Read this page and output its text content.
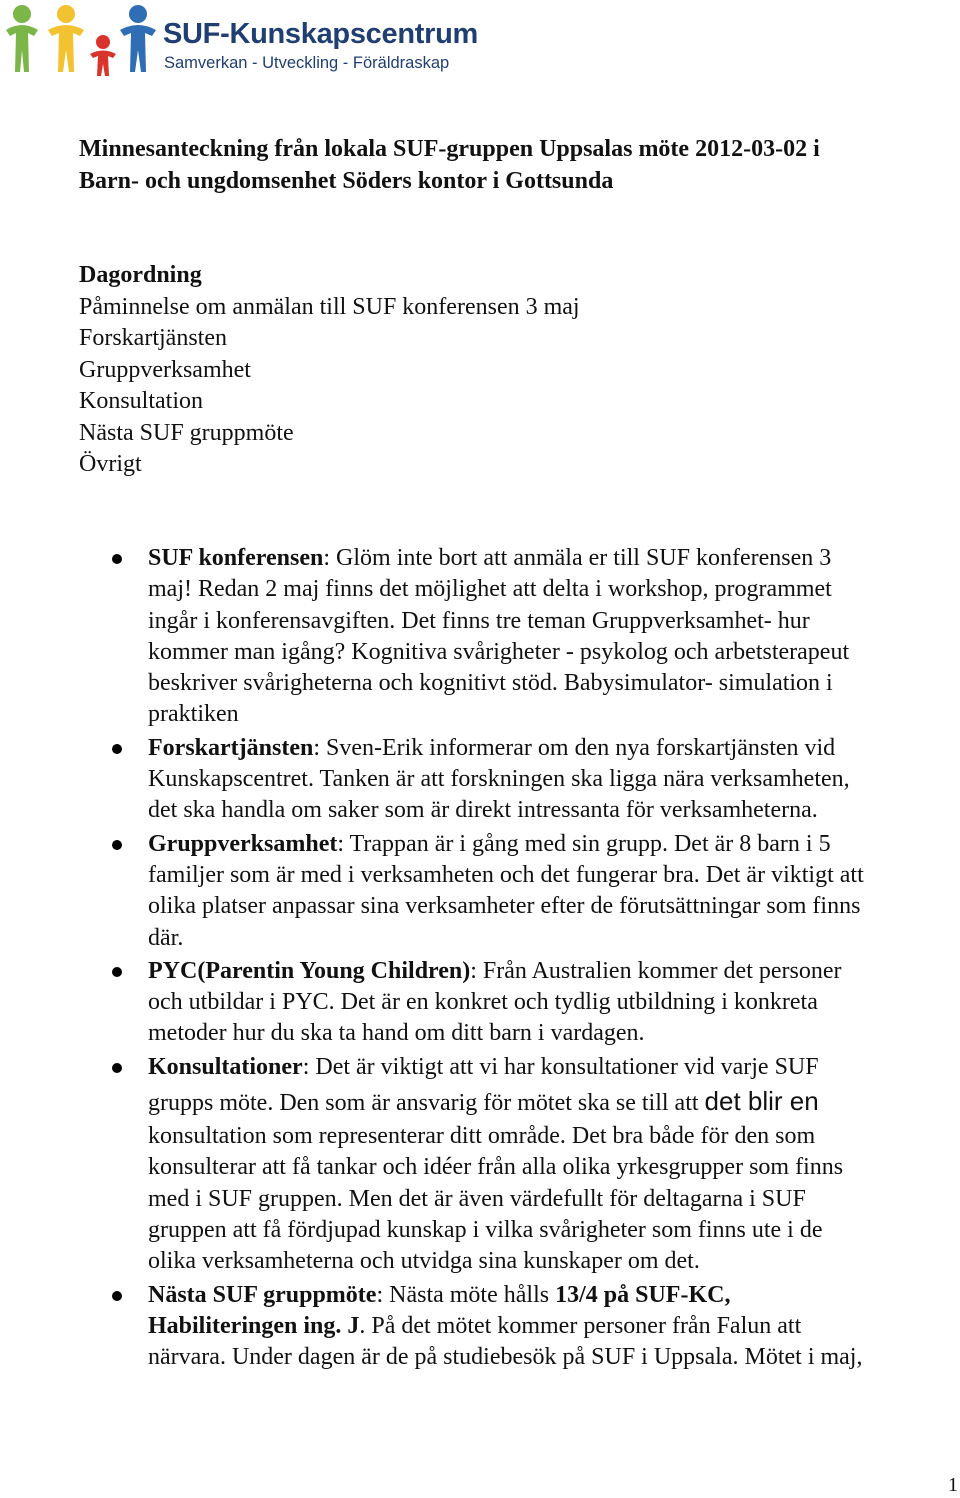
SUF-Kunskapscentrum
Samverkan - Utveckling - Föräldraskap
Minnesanteckning från lokala SUF-gruppen Uppsalas möte 2012-03-02 i
Barn- och ungdomsenhet Söders kontor i Gottsunda
Dagordning
Påminnelse om anmälan till SUF konferensen 3 maj
Forskartjänsten
Gruppverksamhet
Konsultation
Nästa SUF gruppmöte
Övrigt
SUF konferensen: Glöm inte bort att anmäla er till SUF konferensen 3
maj! Redan 2 maj finns det möjlighet att delta i workshop, programmet
ingår i konferensavgiften. Det finns tre teman Gruppverksamhet- hur
kommer man igång? Kognitiva svårigheter - psykolog och arbetsterapeut
beskriver svårigheterna och kognitivt stöd. Babysimulator- simulation i
praktiken
Forskartjänsten: Sven-Erik informerar om den nya forskartjänsten vid
Kunskapscentret. Tanken är att forskningen ska ligga nära verksamheten,
det ska handla om saker som är direkt intressanta för verksamheterna.
Gruppverksamhet: Trappan är i gång med sin grupp. Det är 8 barn i 5
familjer som är med i verksamheten och det fungerar bra. Det är viktigt att
olika platser anpassar sina verksamheter efter de förutsättningar som finns
där.
PYC(Parentin Young Children): Från Australien kommer det personer
och utbildar i PYC. Det är en konkret och tydlig utbildning i konkreta
metoder hur du ska ta hand om ditt barn i vardagen.
Konsultationer: Det är viktigt att vi har konsultationer vid varje SUF
grupps möte. Den som är ansvarig för mötet ska se till att det blir en
konsultation som representerar ditt område. Det bra både för den som
konsulterar att få tankar och idéer från alla olika yrkesgrupper som finns
med i SUF gruppen. Men det är även värdefullt för deltagarna i SUF
gruppen att få fördjupad kunskap i vilka svårigheter som finns ute i de
olika verksamheterna och utvidga sina kunskaper om det.
Nästa SUF gruppmöte: Nästa möte hålls 13/4 på SUF-KC,
Habiliteringen ing. J. På det mötet kommer personer från Falun att
närvara. Under dagen är de på studiebesök på SUF i Uppsala. Mötet i maj,
1
